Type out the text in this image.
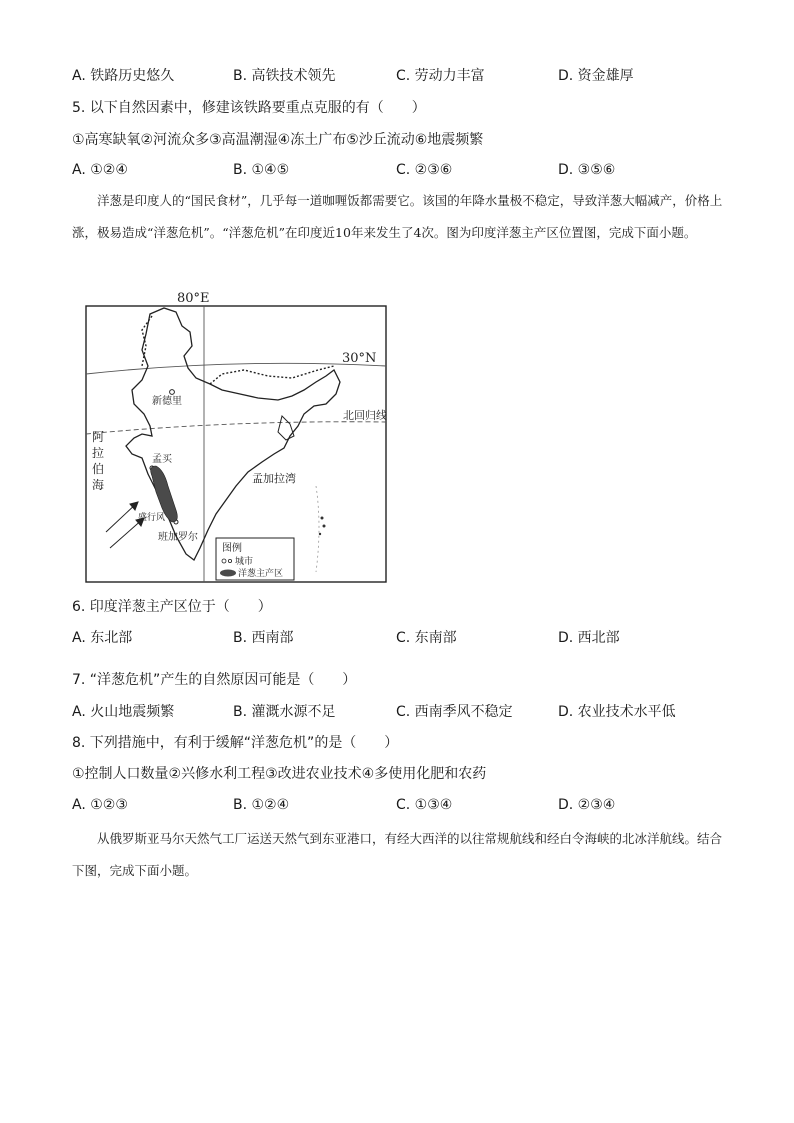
A. 铁路历史悠久	B. 高铁技术领先	C. 劳动力丰富	D. 资金雄厚
5. 以下自然因素中，修建该铁路要重点克服的有（　　）
①高寒缺氧②河流众多③高温潮湿④冻土广布⑤沙丘流动⑥地震频繁
A. ①②④	B. ①④⑤	C. ②③⑥	D. ③⑤⑥
洋葱是印度人的“国民食材”，几乎每一道咖喱饭都需要它。该国的年降水量极不稳定，导致洋葱大幅减产，价格上涨，极易造成“洋葱危机”。“洋葱危机”在印度近10年来发生了4次。图为印度洋葱主产区位置图，完成下面小题。
80°E
30°N
北回归线
新德里
孟买
班加罗尔
阿
拉
伯
海	孟加拉湾
盛行风
图例
城市
洋葱主产区
6. 印度洋葱主产区位于（　　）
A. 东北部	B. 西南部	C. 东南部	D. 西北部
7. “洋葱危机”产生的自然原因可能是（　　）
A. 火山地震频繁	B. 灌溉水源不足	C. 西南季风不稳定	D. 农业技术水平低
8. 下列措施中，有利于缓解“洋葱危机”的是（　　）
①控制人口数量②兴修水利工程③改进农业技术④多使用化肥和农药
A. ①②③	B. ①②④	C. ①③④	D. ②③④
从俄罗斯亚马尔天然气工厂运送天然气到东亚港口，有经大西洋的以往常规航线和经白令海峡的北冰洋航线。结合下图，完成下面小题。
